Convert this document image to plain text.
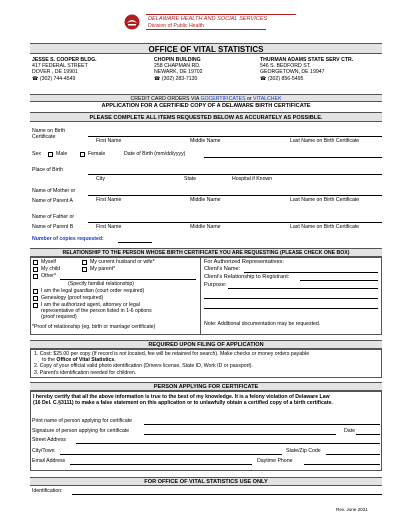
DELAWARE HEALTH AND SOCIAL SERVICES
Division of Public Health
OFFICE OF VITAL STATISTICS
JESSE S. COOPER BLDG.
417 FEDERAL STREET
DOVER , DE 19901
☎ (302) 744-4549
CHOPIN BUILDING
258 CHAPMAN RD.
NEWARK, DE 19702
☎ (302) 283-7130
THURMAN ADAMS STATE SERV CTR.
546 S. BEDFORD ST.
GEORGETOWN, DE 19947
☎ (302) 856-5495
CREDIT CARD ORDERS VIA GOCERTIFICATES or VITALCHEK
APPLICATION FOR A CERTIFIED COPY OF A DELAWARE BIRTH CERTIFICATE
PLEASE COMPLETE ALL ITEMS REQUESTED BELOW AS ACCURATELY AS POSSIBLE.
Name on Birth
Certificate
First Name	Middle Name	Last Name on Birth Certificate
Sex	Male	Female	Date of Birth (mm/dd/yyyy)
Place of Birth
City	State	Hospital if Known
Name of Mother or
Name of Parent A	First Name	Middle Name	Last Name on Birth Certificate
Name of Father or
Name of Parent B	First Name	Middle Name	Last Name on Birth Certificate
Number of copies requested:
RELATIONSHIP TO THE PERSON WHOSE BIRTH CERTIFICATE YOU ARE REQUESTING (PLEASE CHECK ONE BOX)
Myself	My current husband or wife*
My child	My parent*
Other*
(Specify familial relationship)
I am the legal guardian (court order required)
Genealogy (proof required)
I am the authorized agent, attorney or legal
representative of the person listed in 1-6 options
(proof required)
*Proof of relationship (eg. birth or marriage certificate)
For Authorized Representatives:
Client's Name:
Client's Relationship to Registrant:
Purpose:
Note: Additional documentation may be requested.
REQUIRED UPON FILING OF APPLICATION
1. Cost: $25.00 per copy (If record is not located, fee will be retained for search). Make checks or money orders payable
to the Office of Vital Statistics.
2. Copy of your official valid photo identification (Drivers license, State ID, Work ID or passport).
3. Parent's identification needed for children.
PERSON APPLYING FOR CERTIFICATE
I hereby certify that all the above information is true to the best of my knowledge. It is a felony violation of Delaware Law
(16 Del. C.§3111) to make a false statement on this application or to unlawfully obtain a certified copy of a birth certificate.
Print name of person applying for certificate
Signature of person applying for certificate	Date
Street Address
City/Town	State/Zip Code
Email Address	Daytime Phone
FOR OFFICE OF VITAL STATISTICS USE ONLY
Identification:
Rev. June 2021
